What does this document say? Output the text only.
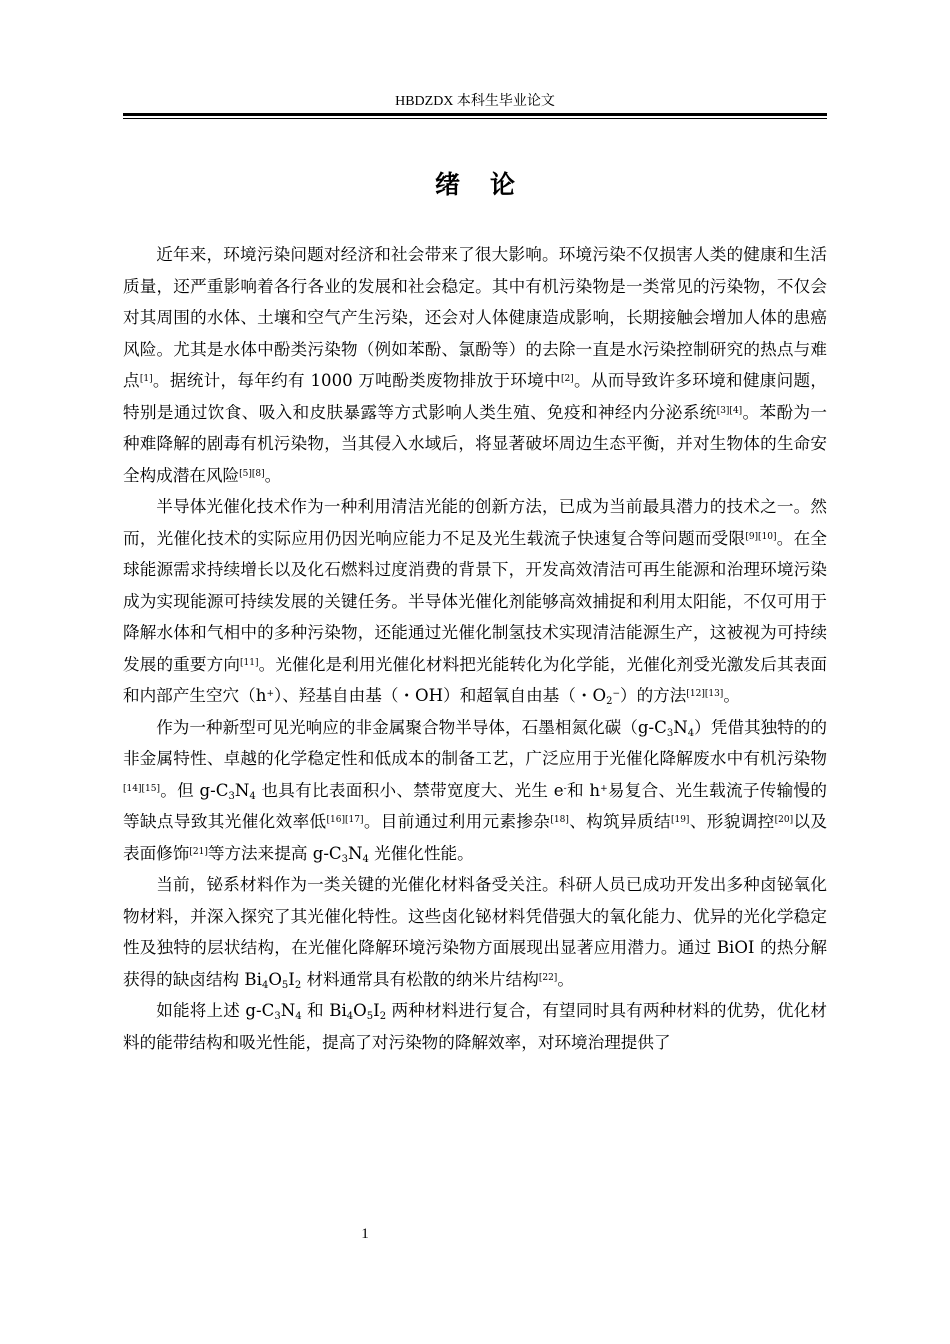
HBDZDX 本科生毕业论文
绪论

近年来，环境污染问题对经济和社会带来了很大影响。环境污染不仅损害人类的健康和生活质量，还严重影响着各行各业的发展和社会稳定。其中有机污染物是一类常见的污染物，不仅会对其周围的水体、土壤和空气产生污染，还会对人体健康造成影响，长期接触会增加人体的患癌风险。尤其是水体中酚类污染物（例如苯酚、氯酚等）的去除一直是水污染控制研究的热点与难点[1]。据统计，每年约有 1000 万吨酚类废物排放于环境中[2]。从而导致许多环境和健康问题，特别是通过饮食、吸入和皮肤暴露等方式影响人类生殖、免疫和神经内分泌系统[3][4]。苯酚为一种难降解的剧毒有机污染物，当其侵入水域后，将显著破坏周边生态平衡，并对生物体的生命安全构成潜在风险[5][8]。

半导体光催化技术作为一种利用清洁光能的创新方法，已成为当前最具潜力的技术之一。然而，光催化技术的实际应用仍因光响应能力不足及光生载流子快速复合等问题而受限[9][10]。在全球能源需求持续增长以及化石燃料过度消费的背景下，开发高效清洁可再生能源和治理环境污染成为实现能源可持续发展的关键任务。半导体光催化剂能够高效捕捉和利用太阳能，不仅可用于降解水体和气相中的多种污染物，还能通过光催化制氢技术实现清洁能源生产，这被视为可持续发展的重要方向[11]。光催化是利用光催化材料把光能转化为化学能，光催化剂受光激发后其表面和内部产生空穴（h+）、羟基自由基（・OH）和超氧自由基（・$O_2^-$）的方法[12][13]。

作为一种新型可见光响应的非金属聚合物半导体，石墨相氮化碳$(g-C_3N_4)$凭借其独特的的非金属特性、卓越的化学稳定性和低成本的制备工艺，广泛应用于光催化降解废水中有机污染物[14][15]。但 $g-C_3N_4$ 也具有比表面积小、禁带宽度大、光生 e-和 h+易复合、光生载流子传输慢的等缺点导致其光催化效率低[16][17]。目前通过利用元素掺杂[18]、构筑异质结[19]、形貌调控[20]以及表面修饰[21]等方法来提高 $g-C_3N_4$ 光催化性能。

当前，铋系材料作为一类关键的光催化材料备受关注。科研人员已成功开发出多种卤铋氧化物材料，并深入探究了其光催化特性。这些卤化铋材料凭借强大的氧化能力、优异的光化学稳定性及独特的层状结构，在光催化降解环境污染物方面展现出显著应用潜力。通过 BiOI 的热分解获得的缺卤结构 $Bi_4O_5I_2$ 材料通常具有松散的纳米片结构[22]。

如能将上述 $g-C_3N_4$ 和 $Bi_4O_5I_2$ 两种材料进行复合，有望同时具有两种材料的优势，优化材料的能带结构和吸光性能，提高了对污染物的降解效率，对环境治理提供了

1
